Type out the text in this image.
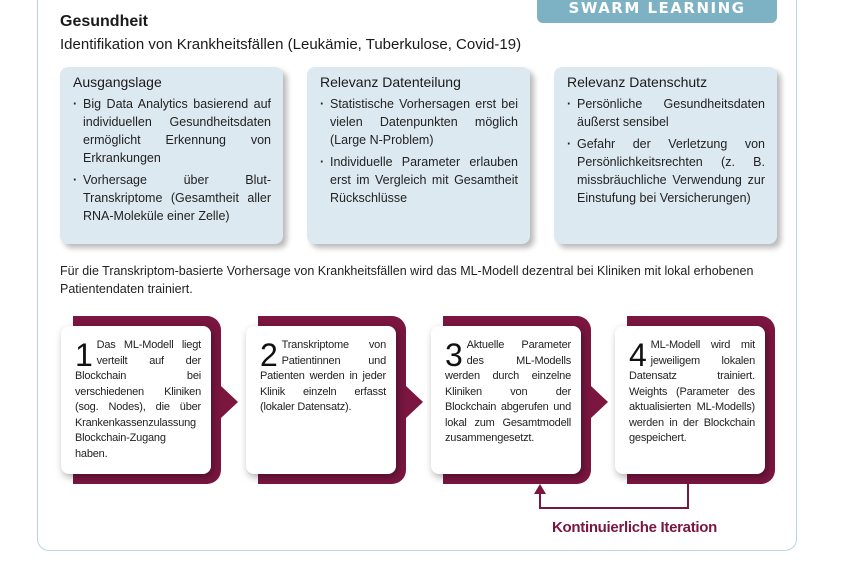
SWARM LEARNING
Gesundheit
Identifikation von Krankheitsfällen (Leukämie, Tuberkulose, Covid-19)
Ausgangslage
· Big Data Analytics basierend auf individuellen Gesundheitsdaten ermöglicht Erkennung von Erkrankungen
· Vorhersage über Blut-Transkriptome (Gesamtheit aller RNA-Moleküle einer Zelle)
Relevanz Datenteilung
· Statistische Vorhersagen erst bei vielen Datenpunkten möglich (Large N-Problem)
· Individuelle Parameter erlauben erst im Vergleich mit Gesamtheit Rückschlüsse
Relevanz Datenschutz
· Persönliche Gesundheitsdaten äußerst sensibel
· Gefahr der Verletzung von Persönlichkeitsrechten (z. B. missbräuchliche Verwendung zur Einstufung bei Versicherungen)
Für die Transkriptom-basierte Vorhersage von Krankheitsfällen wird das ML-Modell dezentral bei Kliniken mit lokal erhobenen Patientendaten trainiert.
1 Das ML-Modell liegt verteilt auf der Blockchain bei verschiedenen Kliniken (sog. Nodes), die über Krankenkassenzulassung Blockchain-Zugang haben.
2 Transkriptome von Patientinnen und Patienten werden in jeder Klinik einzeln erfasst (lokaler Datensatz).
3 Aktuelle Parameter des ML-Modells werden durch einzelne Kliniken von der Blockchain abgerufen und lokal zum Gesamtmodell zusammengesetzt.
4 ML-Modell wird mit jeweiligem lokalen Datensatz trainiert. Weights (Parameter des aktualisierten ML-Modells) werden in der Blockchain gespeichert.
Kontinuierliche Iteration
